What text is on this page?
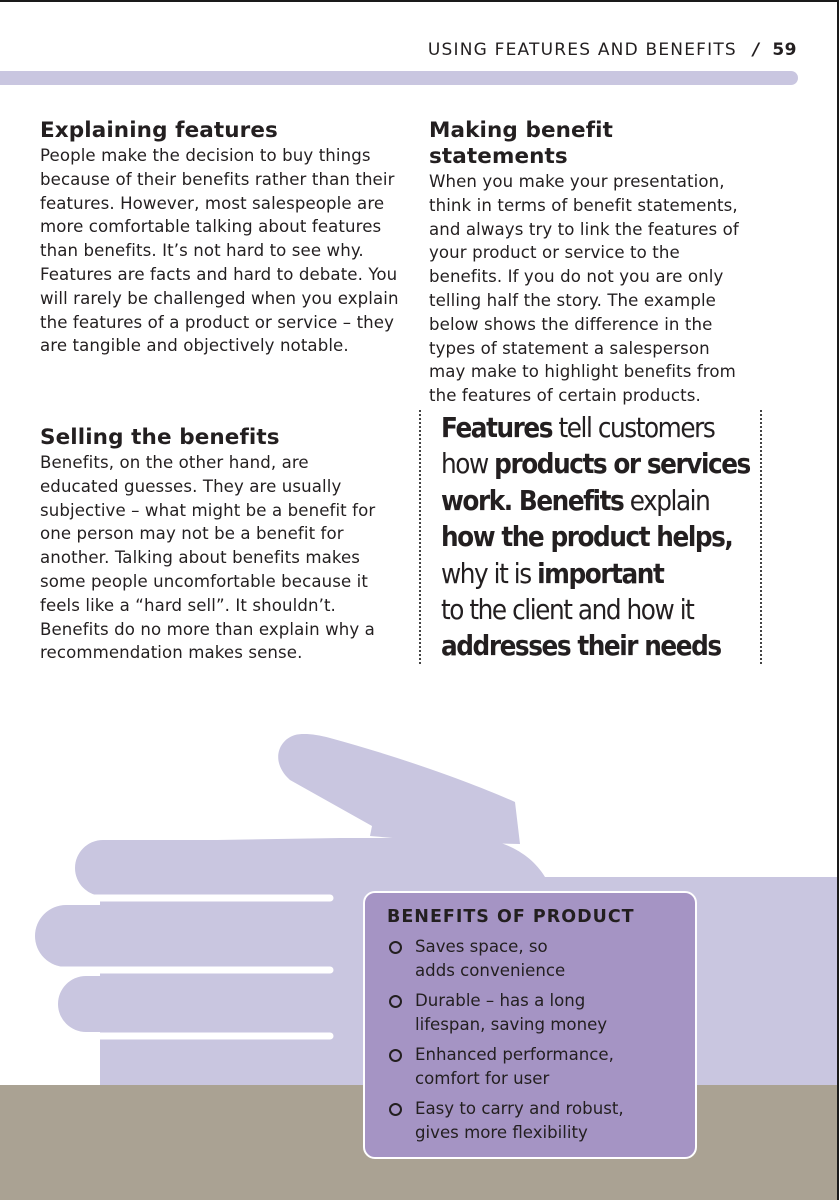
USING FEATURES AND BENEFITS / 59
Explaining features

People make the decision to buy things because of their benefits rather than their features. However, most salespeople are more comfortable talking about features than benefits. It’s not hard to see why. Features are facts and hard to debate. You will rarely be challenged when you explain the features of a product or service – they are tangible and objectively notable.

Making benefit statements

When you make your presentation, think in terms of benefit statements, and always try to link the features of your product or service to the benefits. If you do not you are only telling half the story. The example below shows the difference in the types of statement a salesperson may make to highlight benefits from the features of certain products.

Selling the benefits

Benefits, on the other hand, are educated guesses. They are usually subjective – what might be a benefit for one person may not be a benefit for another. Talking about benefits makes some people uncomfortable because it feels like a “hard sell”. It shouldn’t. Benefits do no more than explain why a recommendation makes sense.

Features tell customers
how products or services
work. Benefits explain
how the product helps,
why it is important
to the client and how it
addresses their needs

BENEFITS OF PRODUCT
Saves space, so
adds convenience
Durable – has a long
lifespan, saving money
Enhanced performance,
comfort for user
Easy to carry and robust,
gives more flexibility
